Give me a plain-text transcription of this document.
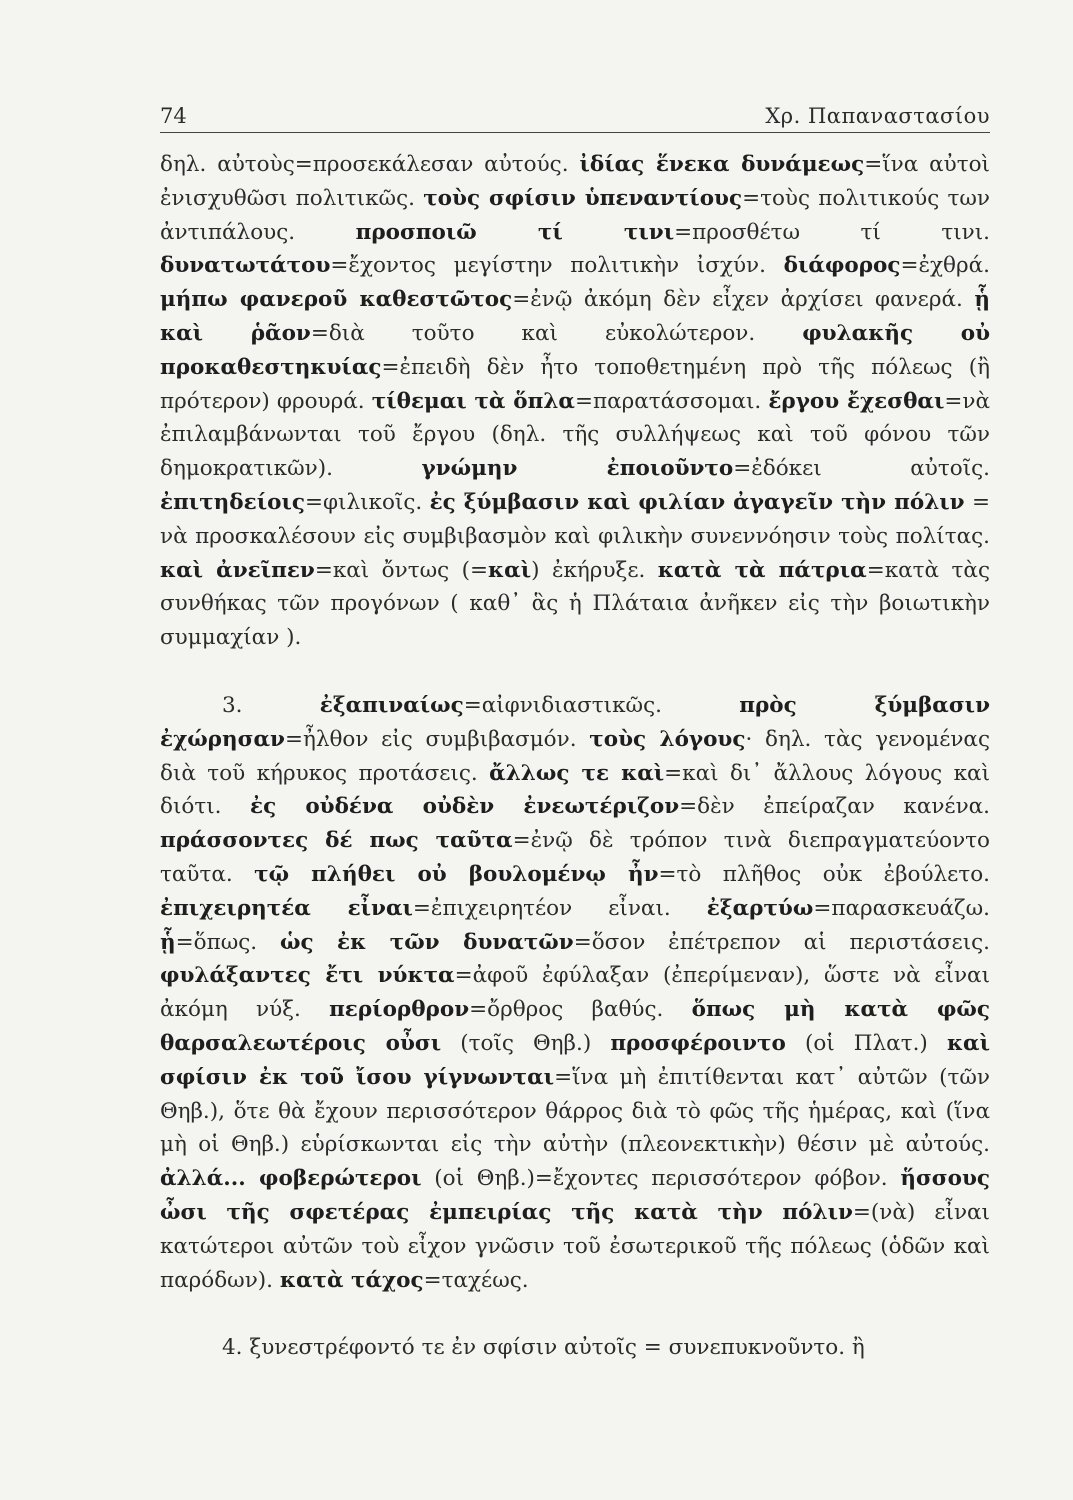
74	Χρ. Παπαναστασίου

δηλ. αὐτοὺς=προσεκάλεσαν αὐτούς. ἰδίας ἕνεκα δυνάμεως=ἵνα αὐτοὶ ἐνισχυθῶσι πολιτικῶς. τοὺς σφίσιν ὑπεναντίους=τοὺς πολιτικούς των ἀντιπάλους. προσποιῶ τί τινι=προσθέτω τί τινι. δυνατωτάτου=ἔχοντος μεγίστην πολιτικὴν ἰσχύν. διάφορος=ἐχθρά. μήπω φανεροῦ καθεστῶτος=ἐνῷ ἀκόμη δὲν εἶχεν ἀρχίσει φανερά. ᾗ καὶ ῥᾶον=διὰ τοῦτο καὶ εὐκολώτερον. φυλακῆς οὐ προκαθεστηκυίας=ἐπειδὴ δὲν ἦτο τοποθετημένη πρὸ τῆς πόλεως (ἢ πρότερον) φρουρά. τίθεμαι τὰ ὅπλα=παρατάσσομαι. ἔργου ἔχεσθαι=νὰ ἐπιλαμβάνωνται τοῦ ἔργου (δηλ. τῆς συλλήψεως καὶ τοῦ φόνου τῶν δημοκρατικῶν). γνώμην ἐποιοῦντο=ἐδόκει αὐτοῖς. ἐπιτηδείοις=φιλικοῖς. ἐς ξύμβασιν καὶ φιλίαν ἀγαγεῖν τὴν πόλιν = νὰ προσκαλέσουν εἰς συμβιβασμὸν καὶ φιλικὴν συνεννόησιν τοὺς πολίτας. καὶ ἀνεῖπεν=καὶ ὄντως (=καὶ) ἐκήρυξε. κατὰ τὰ πάτρια=κατὰ τὰς συνθήκας τῶν προγόνων ( καθ᾿ ἃς ἡ Πλάταια ἀνῆκεν εἰς τὴν βοιωτικὴν συμμαχίαν ).

3. ἐξαπιναίως=αἰφνιδιαστικῶς. πρὸς ξύμβασιν ἐχώρησαν=ἦλθον εἰς συμβιβασμόν. τοὺς λόγους· δηλ. τὰς γενομένας διὰ τοῦ κήρυκος προτάσεις. ἄλλως τε καὶ=καὶ δι᾿ ἄλλους λόγους καὶ διότι. ἐς οὐδένα οὐδὲν ἐνεωτέριζον=δὲν ἐπείραζαν κανένα. πράσσοντες δέ πως ταῦτα=ἐνῷ δὲ τρόπον τινὰ διεπραγματεύοντο ταῦτα. τῷ πλήθει οὐ βουλομένῳ ἦν=τὸ πλῆθος οὐκ ἐβούλετο. ἐπιχειρητέα εἶναι=ἐπιχειρητέον εἶναι. ἐξαρτύω=παρασκευάζω. ᾗ=ὅπως. ὡς ἐκ τῶν δυνατῶν=ὅσον ἐπέτρεπον αἱ περιστάσεις. φυλάξαντες ἔτι νύκτα=ἀφοῦ ἐφύλαξαν (ἐπερίμεναν), ὥστε νὰ εἶναι ἀκόμη νύξ. περίορθρον=ὄρθρος βαθύς. ὅπως μὴ κατὰ φῶς θαρσαλεωτέροις οὖσι (τοῖς Θηβ.) προσφέροιντο (οἱ Πλατ.) καὶ σφίσιν ἐκ τοῦ ἴσου γίγνωνται=ἵνα μὴ ἐπιτίθενται κατ᾿ αὐτῶν (τῶν Θηβ.), ὅτε θὰ ἔχουν περισσότερον θάρρος διὰ τὸ φῶς τῆς ἡμέρας, καὶ (ἵνα μὴ οἱ Θηβ.) εὑρίσκωνται εἰς τὴν αὐτὴν (πλεονεκτικὴν) θέσιν μὲ αὐτούς. ἀλλά... φοβερώτεροι (οἱ Θηβ.)=ἔχοντες περισσότερον φόβον. ἥσσους ὦσι τῆς σφετέρας ἐμπειρίας τῆς κατὰ τὴν πόλιν=(νὰ) εἶναι κατώτεροι αὐτῶν τοὺ εἶχον γνῶσιν τοῦ ἐσωτερικοῦ τῆς πόλεως (ὁδῶν καὶ παρόδων). κατὰ τάχος=ταχέως.

4. ξυνεστρέφοντό τε ἐν σφίσιν αὐτοῖς = συνεπυκνοῦντο. ἢ
